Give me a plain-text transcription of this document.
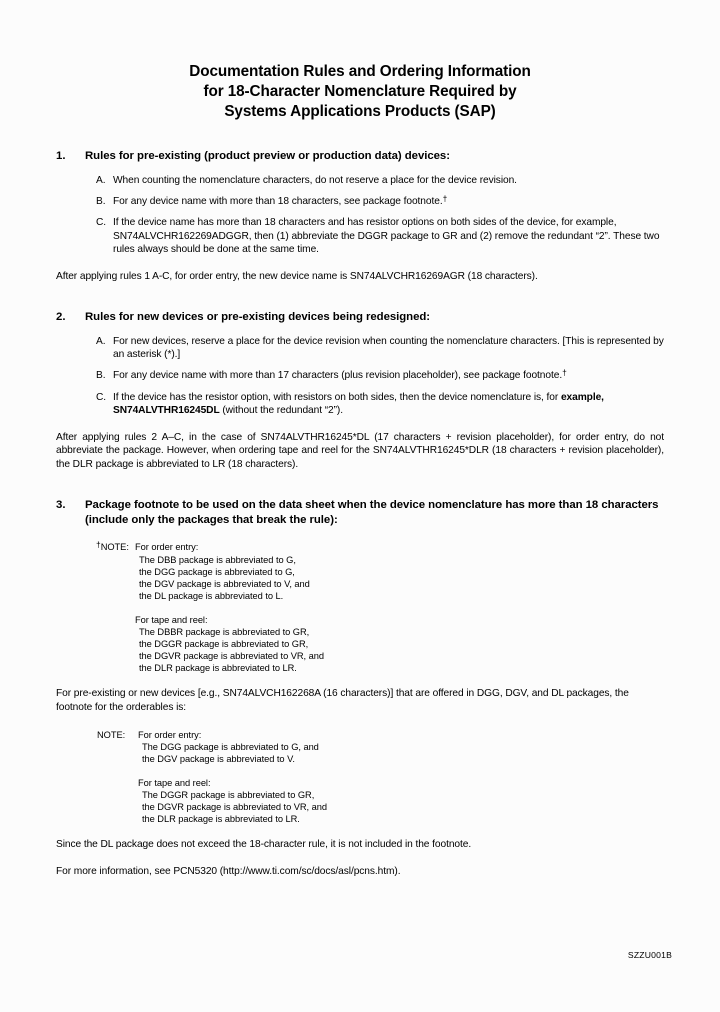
Documentation Rules and Ordering Information
for 18-Character Nomenclature Required by
Systems Applications Products (SAP)
1.	Rules for pre-existing (product preview or production data) devices:
A. When counting the nomenclature characters, do not reserve a place for the device revision.
B. For any device name with more than 18 characters, see package footnote.†
C. If the device name has more than 18 characters and has resistor options on both sides of the device, for example, SN74ALVCHR162269ADGGR, then (1) abbreviate the DGGR package to GR and (2) remove the redundant “2”. These two rules always should be done at the same time.
After applying rules 1 A-C, for order entry, the new device name is SN74ALVCHR16269AGR (18 characters).
2.	Rules for new devices or pre-existing devices being redesigned:
A. For new devices, reserve a place for the device revision when counting the nomenclature characters. [This is represented by an asterisk (*).]
B. For any device name with more than 17 characters (plus revision placeholder), see package footnote.†
C. If the device has the resistor option, with resistors on both sides, then the device nomenclature is, for example, SN74ALVTHR16245DL (without the redundant “2”).
After applying rules 2 A–C, in the case of SN74ALVTHR16245*DL (17 characters + revision placeholder), for order entry, do not abbreviate the package. However, when ordering tape and reel for the SN74ALVTHR16245*DLR (18 characters + revision placeholder), the DLR package is abbreviated to LR (18 characters).
3.	Package footnote to be used on the data sheet when the device nomenclature has more than 18 characters (include only the packages that break the rule):
†NOTE: For order entry:
The DBB package is abbreviated to G,
the DGG package is abbreviated to G,
the DGV package is abbreviated to V, and
the DL package is abbreviated to L.
For tape and reel:
The DBBR package is abbreviated to GR,
the DGGR package is abbreviated to GR,
the DGVR package is abbreviated to VR, and
the DLR package is abbreviated to LR.
For pre-existing or new devices [e.g., SN74ALVCH162268A (16 characters)] that are offered in DGG, DGV, and DL packages, the footnote for the orderables is:
NOTE: For order entry:
The DGG package is abbreviated to G, and
the DGV package is abbreviated to V.
For tape and reel:
The DGGR package is abbreviated to GR,
the DGVR package is abbreviated to VR, and
the DLR package is abbreviated to LR.
Since the DL package does not exceed the 18-character rule, it is not included in the footnote.
For more information, see PCN5320 (http://www.ti.com/sc/docs/asl/pcns.htm).
SZZU001B
